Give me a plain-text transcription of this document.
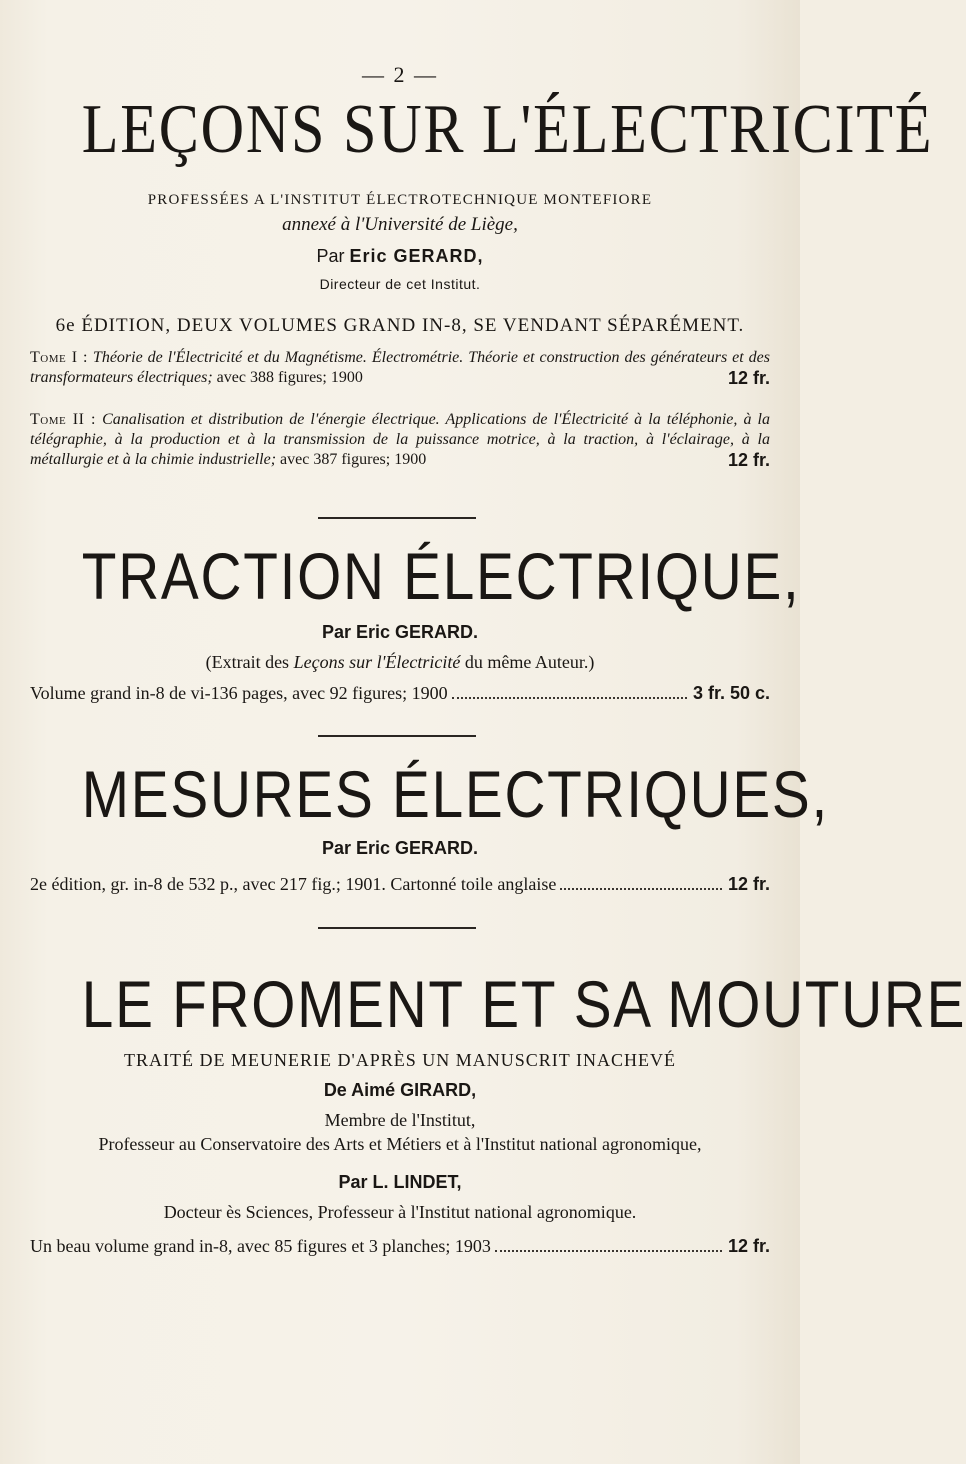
— 2 —
LEÇONS SUR L'ÉLECTRICITÉ
PROFESSÉES A L'INSTITUT ÉLECTROTECHNIQUE MONTEFIORE
annexé à l'Université de Liège,
Par Eric GERARD,
Directeur de cet Institut.
6e ÉDITION, DEUX VOLUMES GRAND IN-8, SE VENDANT SÉPARÉMENT.
Tome I : Théorie de l'Électricité et du Magnétisme. Électrométrie. Théorie et construction des générateurs et des transformateurs électriques; avec 388 figures; 1900	12 fr.
Tome II : Canalisation et distribution de l'énergie électrique. Applications de l'Électricité à la téléphonie, à la télégraphie, à la production et à la transmission de la puissance motrice, à la traction, à l'éclairage, à la métallurgie et à la chimie industrielle; avec 387 figures; 1900	12 fr.
TRACTION ÉLECTRIQUE,
Par Eric GERARD.
(Extrait des Leçons sur l'Électricité du même Auteur.)
Volume grand in-8 de vi-136 pages, avec 92 figures; 1900	3 fr. 50 c.
MESURES ÉLECTRIQUES,
Par Eric GERARD.
2e édition, gr. in-8 de 532 p., avec 217 fig.; 1901. Cartonné toile anglaise	12 fr.
LE FROMENT ET SA MOUTURE
TRAITÉ DE MEUNERIE D'APRÈS UN MANUSCRIT INACHEVÉ
De Aimé GIRARD,
Membre de l'Institut,
Professeur au Conservatoire des Arts et Métiers et à l'Institut national agronomique,
Par L. LINDET,
Docteur ès Sciences, Professeur à l'Institut national agronomique.
Un beau volume grand in-8, avec 85 figures et 3 planches; 1903	12 fr.
